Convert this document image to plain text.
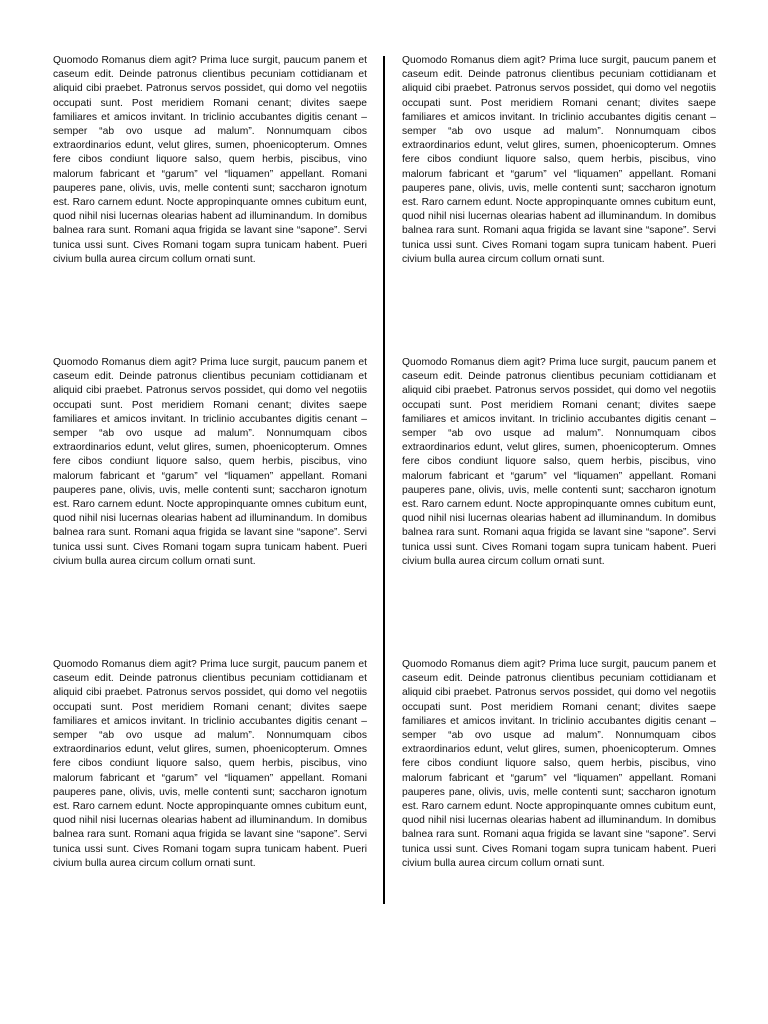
Quomodo Romanus diem agit? Prima luce surgit, paucum panem et caseum edit. Deinde patronus clientibus pecuniam cottidianam et aliquid cibi praebet. Patronus servos possidet, qui domo vel negotiis occupati sunt. Post meridiem Romani cenant; divites saepe familiares et amicos invitant. In triclinio accubantes digitis cenant – semper “ab ovo usque ad malum”. Nonnumquam cibos extraordinarios edunt, velut glires, sumen, phoenicopterum. Omnes fere cibos condiunt liquore salso, quem herbis, piscibus, vino malorum fabricant et “garum” vel “liquamen” appellant. Romani pauperes pane, olivis, uvis, melle contenti sunt; saccharon ignotum est. Raro carnem edunt. Nocte appropinquante omnes cubitum eunt, quod nihil nisi lucernas olearias habent ad illuminandum. In domibus balnea rara sunt. Romani aqua frigida se lavant sine “sapone”. Servi tunica ussi sunt. Cives Romani togam supra tunicam habent. Pueri civium bulla aurea circum collum ornati sunt.

Quomodo Romanus diem agit? Prima luce surgit, paucum panem et caseum edit. Deinde patronus clientibus pecuniam cottidianam et aliquid cibi praebet. Patronus servos possidet, qui domo vel negotiis occupati sunt. Post meridiem Romani cenant; divites saepe familiares et amicos invitant. In triclinio accubantes digitis cenant – semper “ab ovo usque ad malum”. Nonnumquam cibos extraordinarios edunt, velut glires, sumen, phoenicopterum. Omnes fere cibos condiunt liquore salso, quem herbis, piscibus, vino malorum fabricant et “garum” vel “liquamen” appellant. Romani pauperes pane, olivis, uvis, melle contenti sunt; saccharon ignotum est. Raro carnem edunt. Nocte appropinquante omnes cubitum eunt, quod nihil nisi lucernas olearias habent ad illuminandum. In domibus balnea rara sunt. Romani aqua frigida se lavant sine “sapone”. Servi tunica ussi sunt. Cives Romani togam supra tunicam habent. Pueri civium bulla aurea circum collum ornati sunt.

Quomodo Romanus diem agit? Prima luce surgit, paucum panem et caseum edit. Deinde patronus clientibus pecuniam cottidianam et aliquid cibi praebet. Patronus servos possidet, qui domo vel negotiis occupati sunt. Post meridiem Romani cenant; divites saepe familiares et amicos invitant. In triclinio accubantes digitis cenant – semper “ab ovo usque ad malum”. Nonnumquam cibos extraordinarios edunt, velut glires, sumen, phoenicopterum. Omnes fere cibos condiunt liquore salso, quem herbis, piscibus, vino malorum fabricant et “garum” vel “liquamen” appellant. Romani pauperes pane, olivis, uvis, melle contenti sunt; saccharon ignotum est. Raro carnem edunt. Nocte appropinquante omnes cubitum eunt, quod nihil nisi lucernas olearias habent ad illuminandum. In domibus balnea rara sunt. Romani aqua frigida se lavant sine “sapone”. Servi tunica ussi sunt. Cives Romani togam supra tunicam habent. Pueri civium bulla aurea circum collum ornati sunt.

Quomodo Romanus diem agit? Prima luce surgit, paucum panem et caseum edit. Deinde patronus clientibus pecuniam cottidianam et aliquid cibi praebet. Patronus servos possidet, qui domo vel negotiis occupati sunt. Post meridiem Romani cenant; divites saepe familiares et amicos invitant. In triclinio accubantes digitis cenant – semper “ab ovo usque ad malum”. Nonnumquam cibos extraordinarios edunt, velut glires, sumen, phoenicopterum. Omnes fere cibos condiunt liquore salso, quem herbis, piscibus, vino malorum fabricant et “garum” vel “liquamen” appellant. Romani pauperes pane, olivis, uvis, melle contenti sunt; saccharon ignotum est. Raro carnem edunt. Nocte appropinquante omnes cubitum eunt, quod nihil nisi lucernas olearias habent ad illuminandum. In domibus balnea rara sunt. Romani aqua frigida se lavant sine “sapone”. Servi tunica ussi sunt. Cives Romani togam supra tunicam habent. Pueri civium bulla aurea circum collum ornati sunt.

Quomodo Romanus diem agit? Prima luce surgit, paucum panem et caseum edit. Deinde patronus clientibus pecuniam cottidianam et aliquid cibi praebet. Patronus servos possidet, qui domo vel negotiis occupati sunt. Post meridiem Romani cenant; divites saepe familiares et amicos invitant. In triclinio accubantes digitis cenant – semper “ab ovo usque ad malum”. Nonnumquam cibos extraordinarios edunt, velut glires, sumen, phoenicopterum. Omnes fere cibos condiunt liquore salso, quem herbis, piscibus, vino malorum fabricant et “garum” vel “liquamen” appellant. Romani pauperes pane, olivis, uvis, melle contenti sunt; saccharon ignotum est. Raro carnem edunt. Nocte appropinquante omnes cubitum eunt, quod nihil nisi lucernas olearias habent ad illuminandum. In domibus balnea rara sunt. Romani aqua frigida se lavant sine “sapone”. Servi tunica ussi sunt. Cives Romani togam supra tunicam habent. Pueri civium bulla aurea circum collum ornati sunt.

Quomodo Romanus diem agit? Prima luce surgit, paucum panem et caseum edit. Deinde patronus clientibus pecuniam cottidianam et aliquid cibi praebet. Patronus servos possidet, qui domo vel negotiis occupati sunt. Post meridiem Romani cenant; divites saepe familiares et amicos invitant. In triclinio accubantes digitis cenant – semper “ab ovo usque ad malum”. Nonnumquam cibos extraordinarios edunt, velut glires, sumen, phoenicopterum. Omnes fere cibos condiunt liquore salso, quem herbis, piscibus, vino malorum fabricant et “garum” vel “liquamen” appellant. Romani pauperes pane, olivis, uvis, melle contenti sunt; saccharon ignotum est. Raro carnem edunt. Nocte appropinquante omnes cubitum eunt, quod nihil nisi lucernas olearias habent ad illuminandum. In domibus balnea rara sunt. Romani aqua frigida se lavant sine “sapone”. Servi tunica ussi sunt. Cives Romani togam supra tunicam habent. Pueri civium bulla aurea circum collum ornati sunt.
